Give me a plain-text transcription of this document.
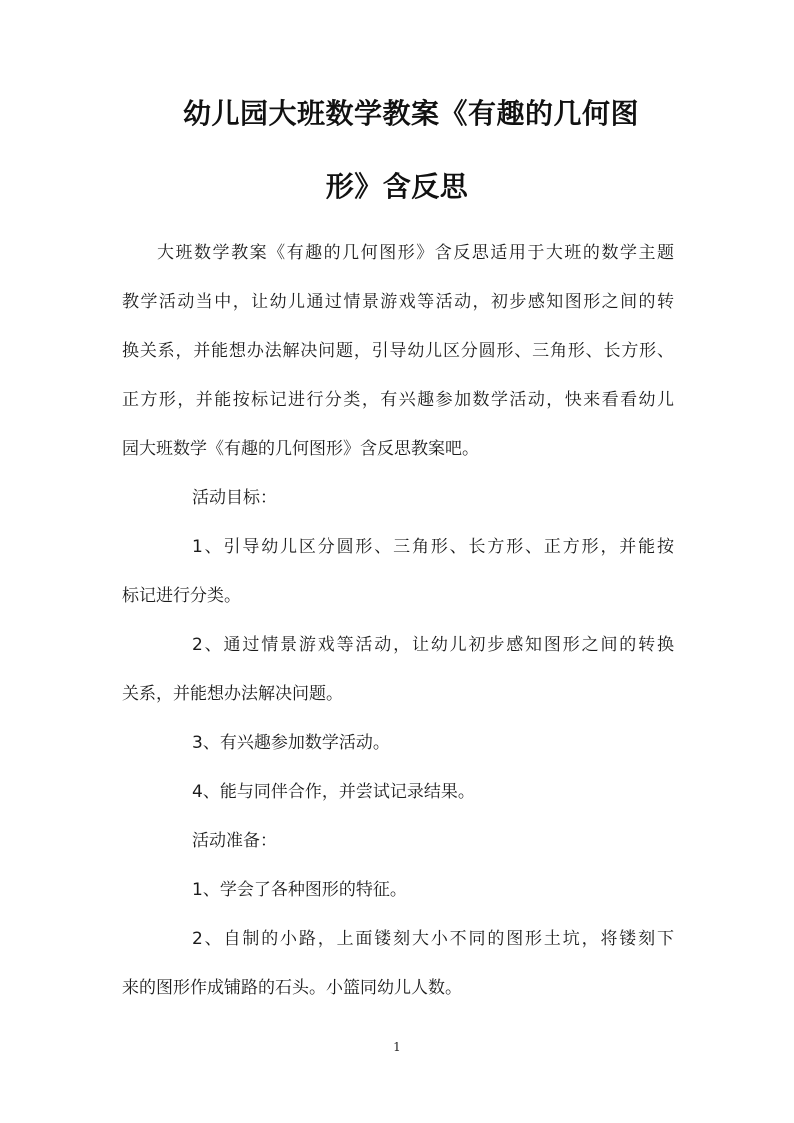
幼儿园大班数学教案《有趣的几何图
形》含反思
大班数学教案《有趣的几何图形》含反思适用于大班的数学主题
教学活动当中，让幼儿通过情景游戏等活动，初步感知图形之间的转
换关系，并能想办法解决问题，引导幼儿区分圆形、三角形、长方形、
正方形，并能按标记进行分类，有兴趣参加数学活动，快来看看幼儿
园大班数学《有趣的几何图形》含反思教案吧。
活动目标：
1、引导幼儿区分圆形、三角形、长方形、正方形，并能按
标记进行分类。
2、通过情景游戏等活动，让幼儿初步感知图形之间的转换
关系，并能想办法解决问题。
3、有兴趣参加数学活动。
4、能与同伴合作，并尝试记录结果。
活动准备：
1、学会了各种图形的特征。
2、自制的小路，上面镂刻大小不同的图形土坑，将镂刻下
来的图形作成铺路的石头。小篮同幼儿人数。
1
